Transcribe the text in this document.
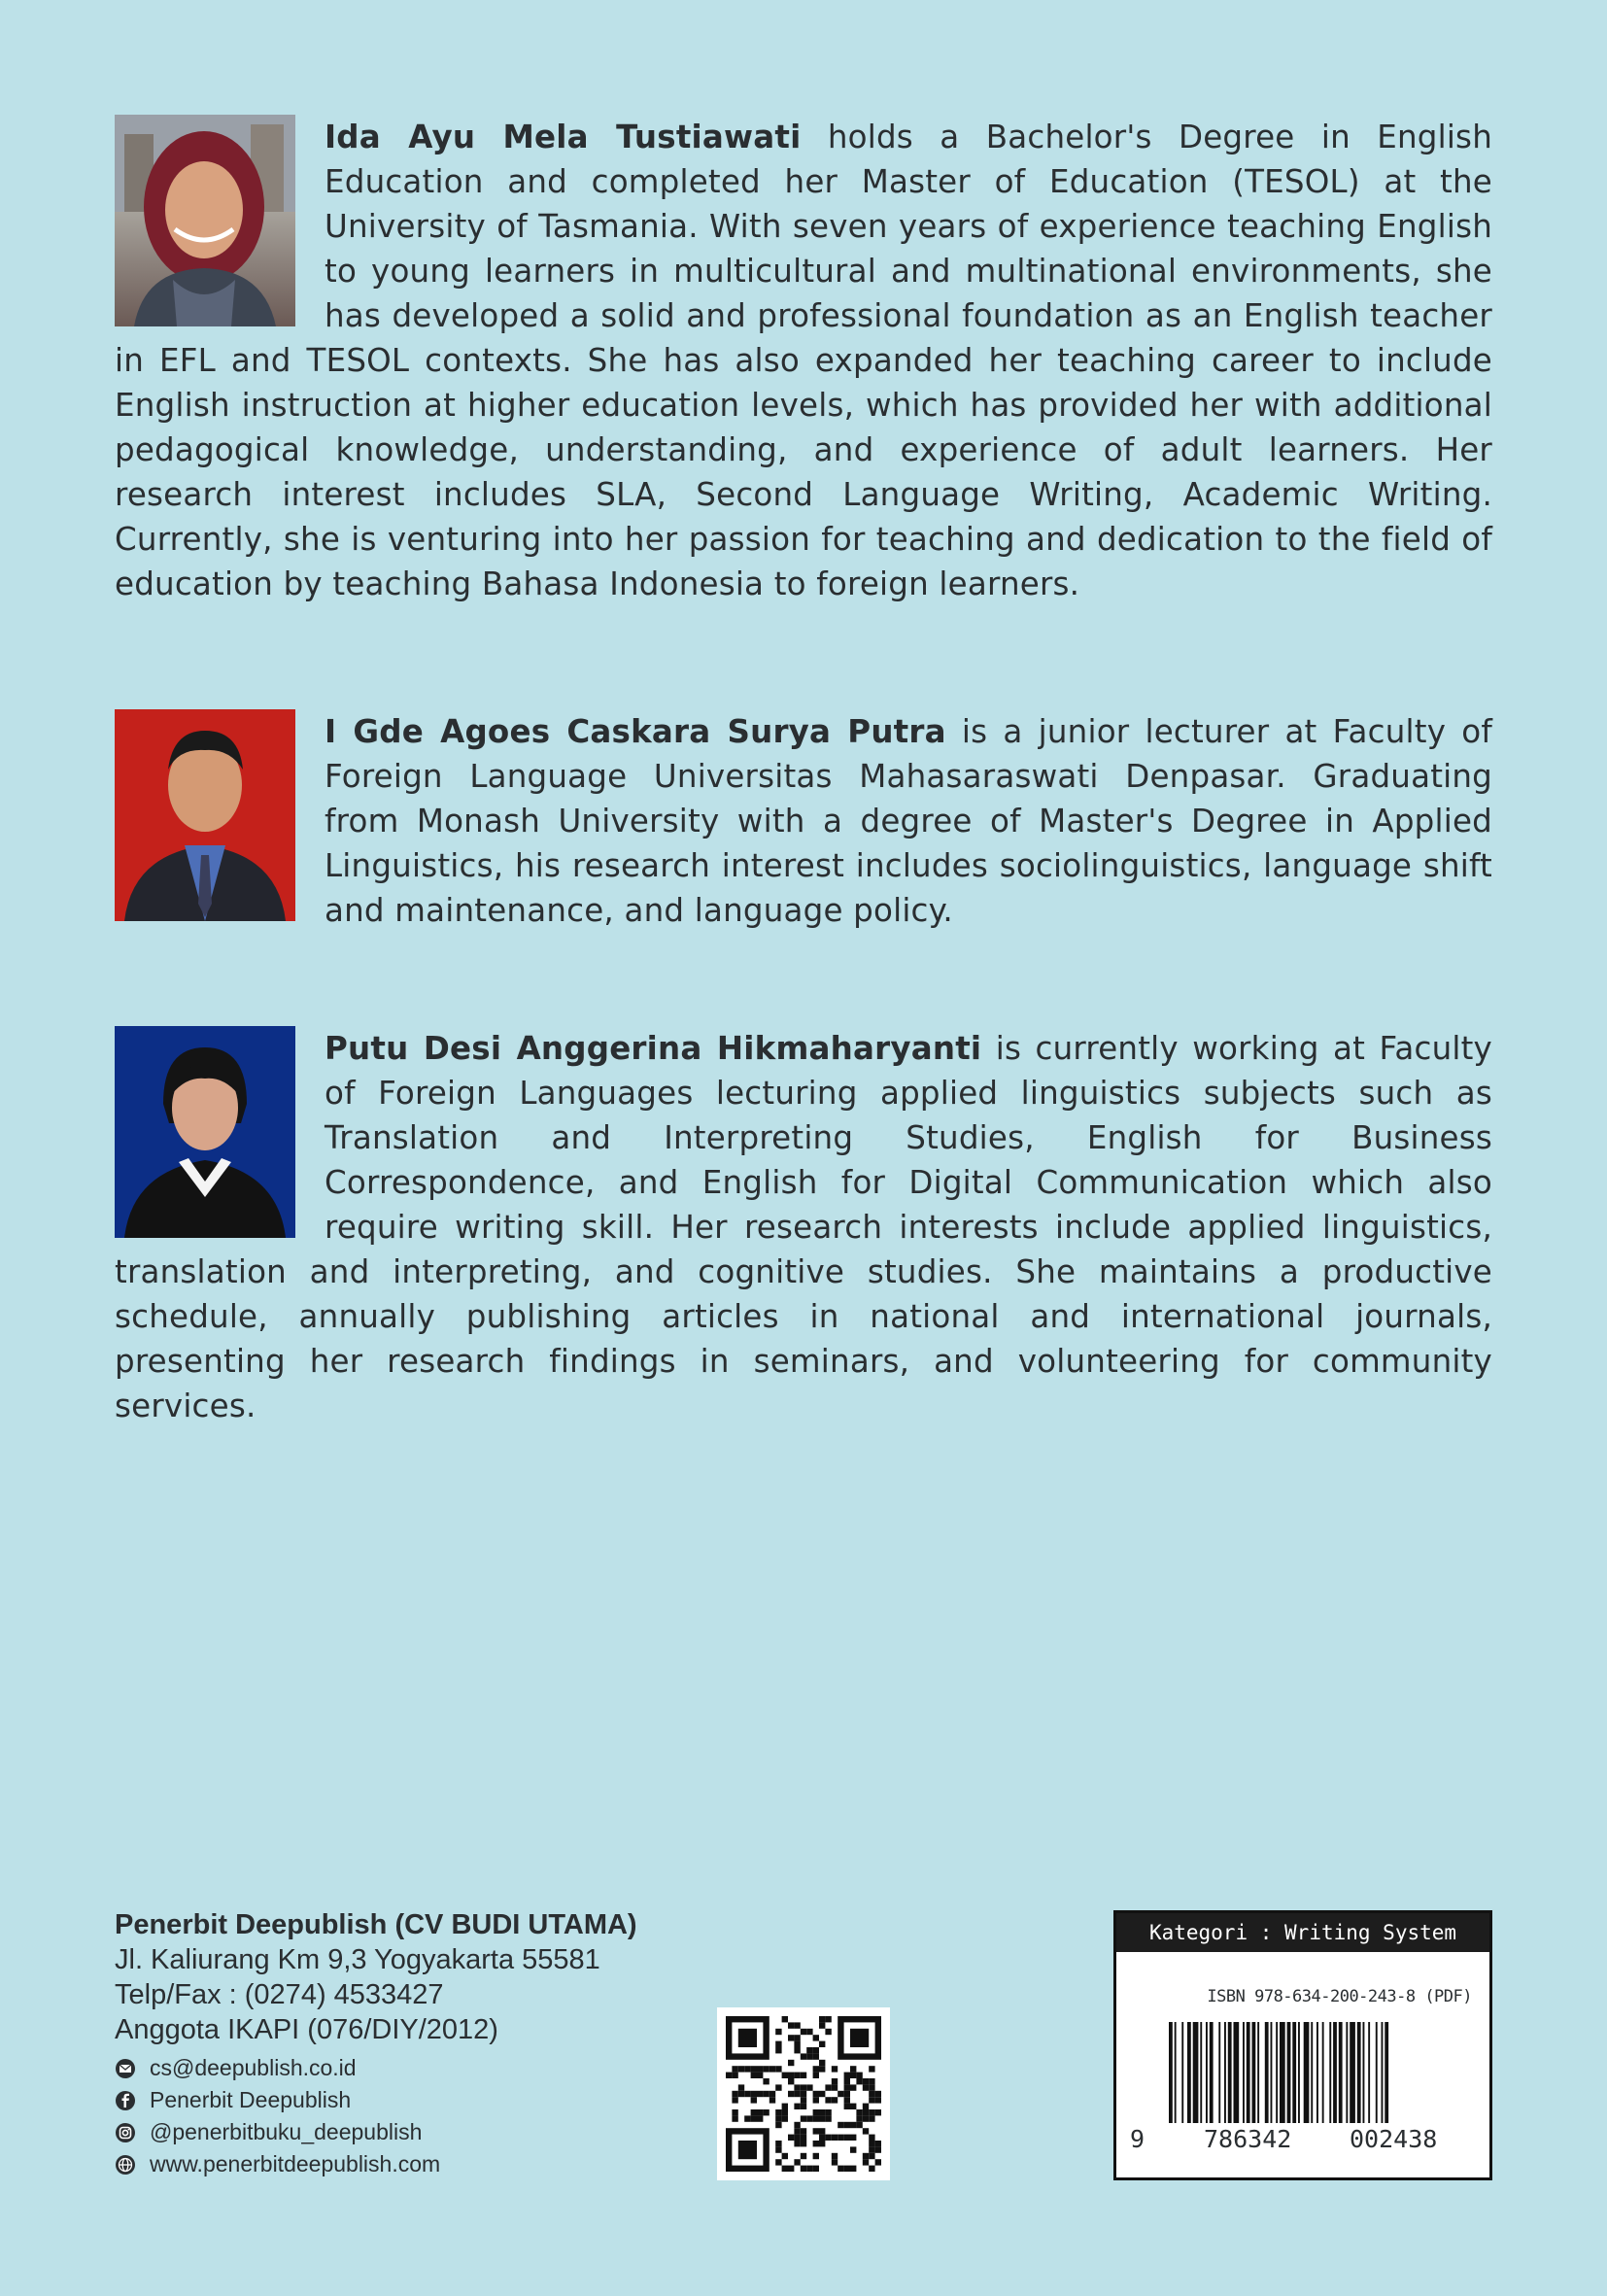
Ida Ayu Mela Tustiawati holds a Bachelor's Degree in English Education and completed her Master of Education (TESOL) at the University of Tasmania. With seven years of experience teaching English to young learners in multicultural and multinational environments, she has developed a solid and professional foundation as an English teacher in EFL and TESOL contexts. She has also expanded her teaching career to include English instruction at higher education levels, which has provided her with additional pedagogical knowledge, understanding, and experience of adult learners. Her research interest includes SLA, Second Language Writing, Academic Writing. Currently, she is venturing into her passion for teaching and dedication to the field of education by teaching Bahasa Indonesia to foreign learners.
I Gde Agoes Caskara Surya Putra is a junior lecturer at Faculty of Foreign Language Universitas Mahasaraswati Denpasar. Graduating from Monash University with a degree of Master's Degree in Applied Linguistics, his research interest includes sociolinguistics, language shift and maintenance, and language policy.
Putu Desi Anggerina Hikmaharyanti is currently working at Faculty of Foreign Languages lecturing applied linguistics subjects such as Translation and Interpreting Studies, English for Business Correspondence, and English for Digital Communication which also require writing skill. Her research interests include applied linguistics, translation and interpreting, and cognitive studies. She maintains a productive schedule, annually publishing articles in national and international journals, presenting her research findings in seminars, and volunteering for community services.
Penerbit Deepublish (CV BUDI UTAMA)
Jl. Kaliurang Km 9,3 Yogyakarta 55581
Telp/Fax : (0274) 4533427
Anggota IKAPI (076/DIY/2012)
cs@deepublish.co.id
Penerbit Deepublish
@penerbitbuku_deepublish
www.penerbitdeepublish.com
Kategori : Writing System
ISBN 978-634-200-243-8 (PDF)
9 786342 002438
